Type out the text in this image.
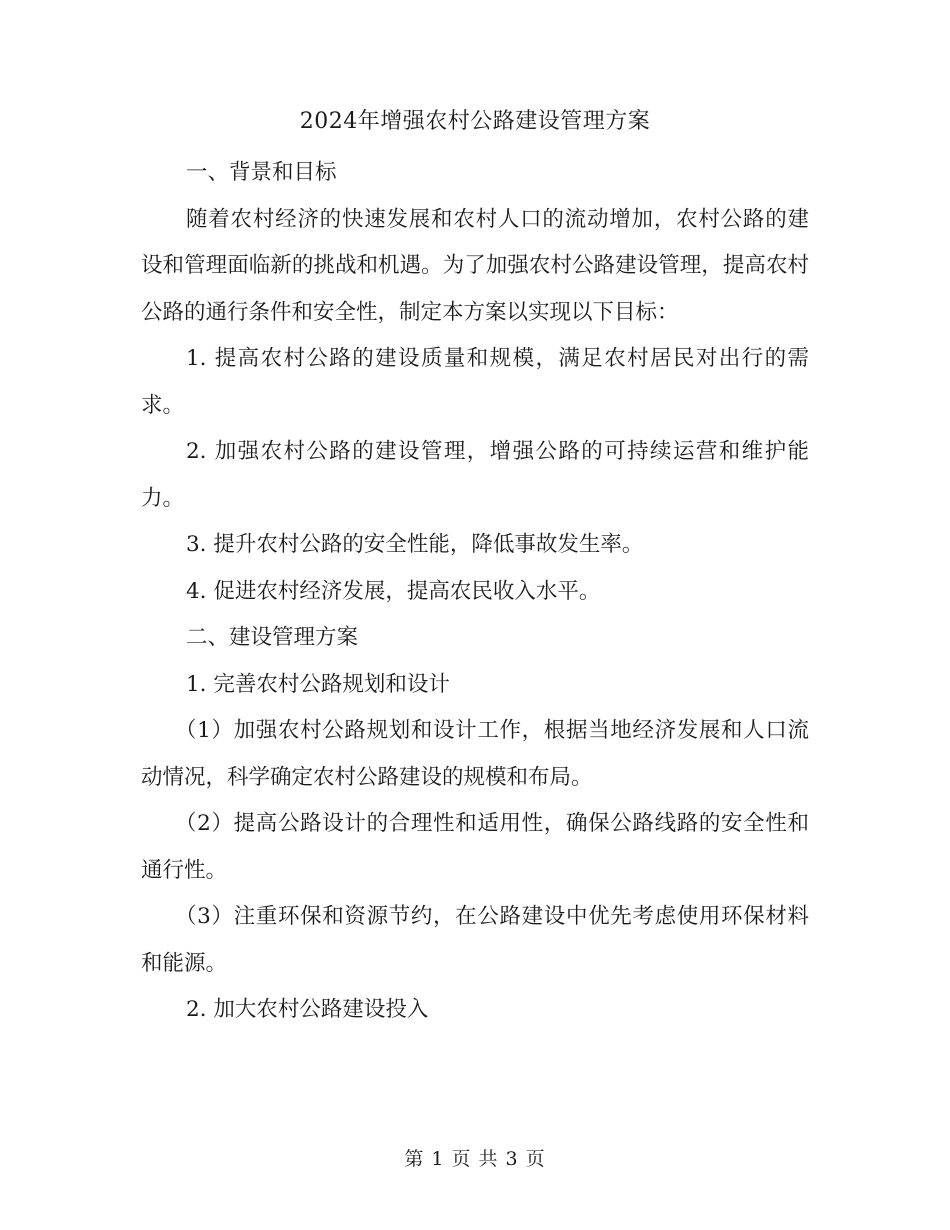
2024年增强农村公路建设管理方案

一、背景和目标

随着农村经济的快速发展和农村人口的流动增加，农村公路的建设和管理面临新的挑战和机遇。为了加强农村公路建设管理，提高农村公路的通行条件和安全性，制定本方案以实现以下目标：

1. 提高农村公路的建设质量和规模，满足农村居民对出行的需求。

2. 加强农村公路的建设管理，增强公路的可持续运营和维护能力。

3. 提升农村公路的安全性能，降低事故发生率。

4. 促进农村经济发展，提高农民收入水平。

二、建设管理方案

1. 完善农村公路规划和设计

（1）加强农村公路规划和设计工作，根据当地经济发展和人口流动情况，科学确定农村公路建设的规模和布局。

（2）提高公路设计的合理性和适用性，确保公路线路的安全性和通行性。

（3）注重环保和资源节约，在公路建设中优先考虑使用环保材料和能源。

2. 加大农村公路建设投入

第 1 页 共 3 页
